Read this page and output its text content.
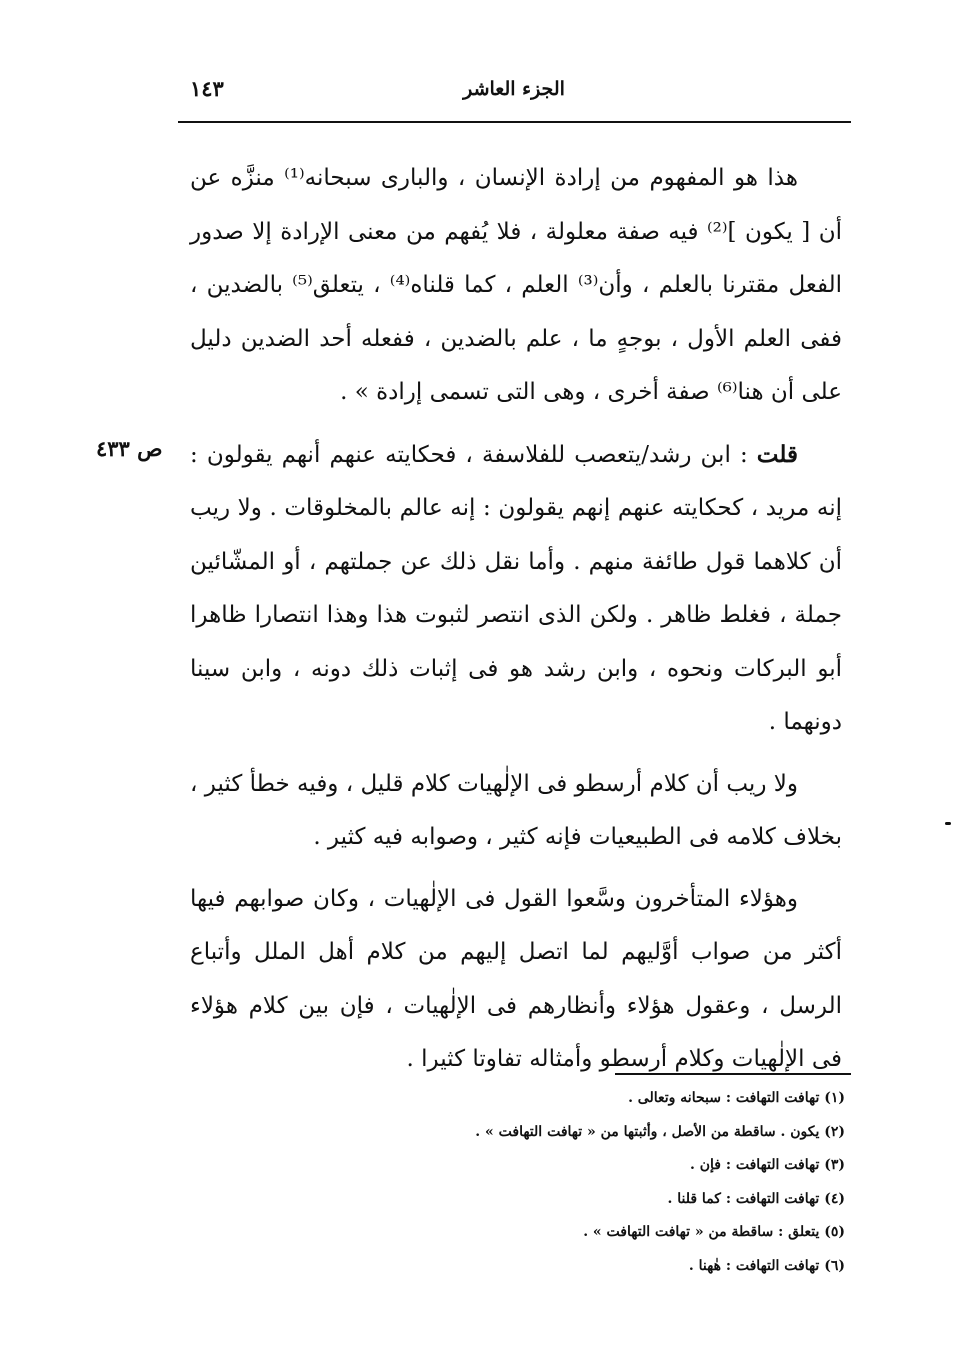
الجزء العاشر
١٤٣
ص ٤٣٣

هذا هو المفهوم من إرادة الإنسان ، والبارى سبحانه⁽¹⁾ منزَّه عن أن [ يكون ]⁽²⁾ فيه صفة معلولة ، فلا يُفهم من معنى الإرادة إلا صدور الفعل مقترنا بالعلم ، وأن⁽³⁾ العلم ، كما قلناه⁽⁴⁾ ، يتعلق⁽⁵⁾ بالضدين ، ففى العلم الأول ، بوجهٍ ما ، علم بالضدين ، ففعله أحد الضدين دليل على أن هنا⁽⁶⁾ صفة أخرى ، وهى التى تسمى إرادة » .

قلت : ابن رشد/يتعصب للفلاسفة ، فحكايته عنهم أنهم يقولون : إنه مريد ، كحكايته عنهم إنهم يقولون : إنه عالم بالمخلوقات . ولا ريب أن كلاهما قول طائفة منهم . وأما نقل ذلك عن جملتهم ، أو المشّائين جملة ، فغلط ظاهر . ولكن الذى انتصر لثبوت هذا وهذا انتصارا ظاهرا أبو البركات ونحوه ، وابن رشد هو فى إثبات ذلك دونه ، وابن سينا دونهما .

ولا ريب أن كلام أرسطو فى الإلٰهيات كلام قليل ، وفيه خطأ كثير ، بخلاف كلامه فى الطبيعيات فإنه كثير ، وصوابه فيه كثير .

وهؤلاء المتأخرون وسَّعوا القول فى الإلٰهيات ، وكان صوابهم فيها أكثر من صواب أوَّليهم لما اتصل إليهم من كلام أهل الملل وأتباع الرسل ، وعقول هؤلاء وأنظارهم فى الإلٰهيات ، فإن بين كلام هؤلاء فى الإلٰهيات وكلام أرسطو وأمثاله تفاوتا كثيرا .

(١) تهافت التهافت : سبحانه وتعالى .
(٢) يكون . ساقطة من الأصل ، وأثبتها من « تهافت التهافت » .
(٣) تهافت التهافت : فإن .
(٤) تهافت التهافت : كما قلنا .
(٥) يتعلق : ساقطة من « تهافت التهافت » .
(٦) تهافت التهافت : هٰهنا .
